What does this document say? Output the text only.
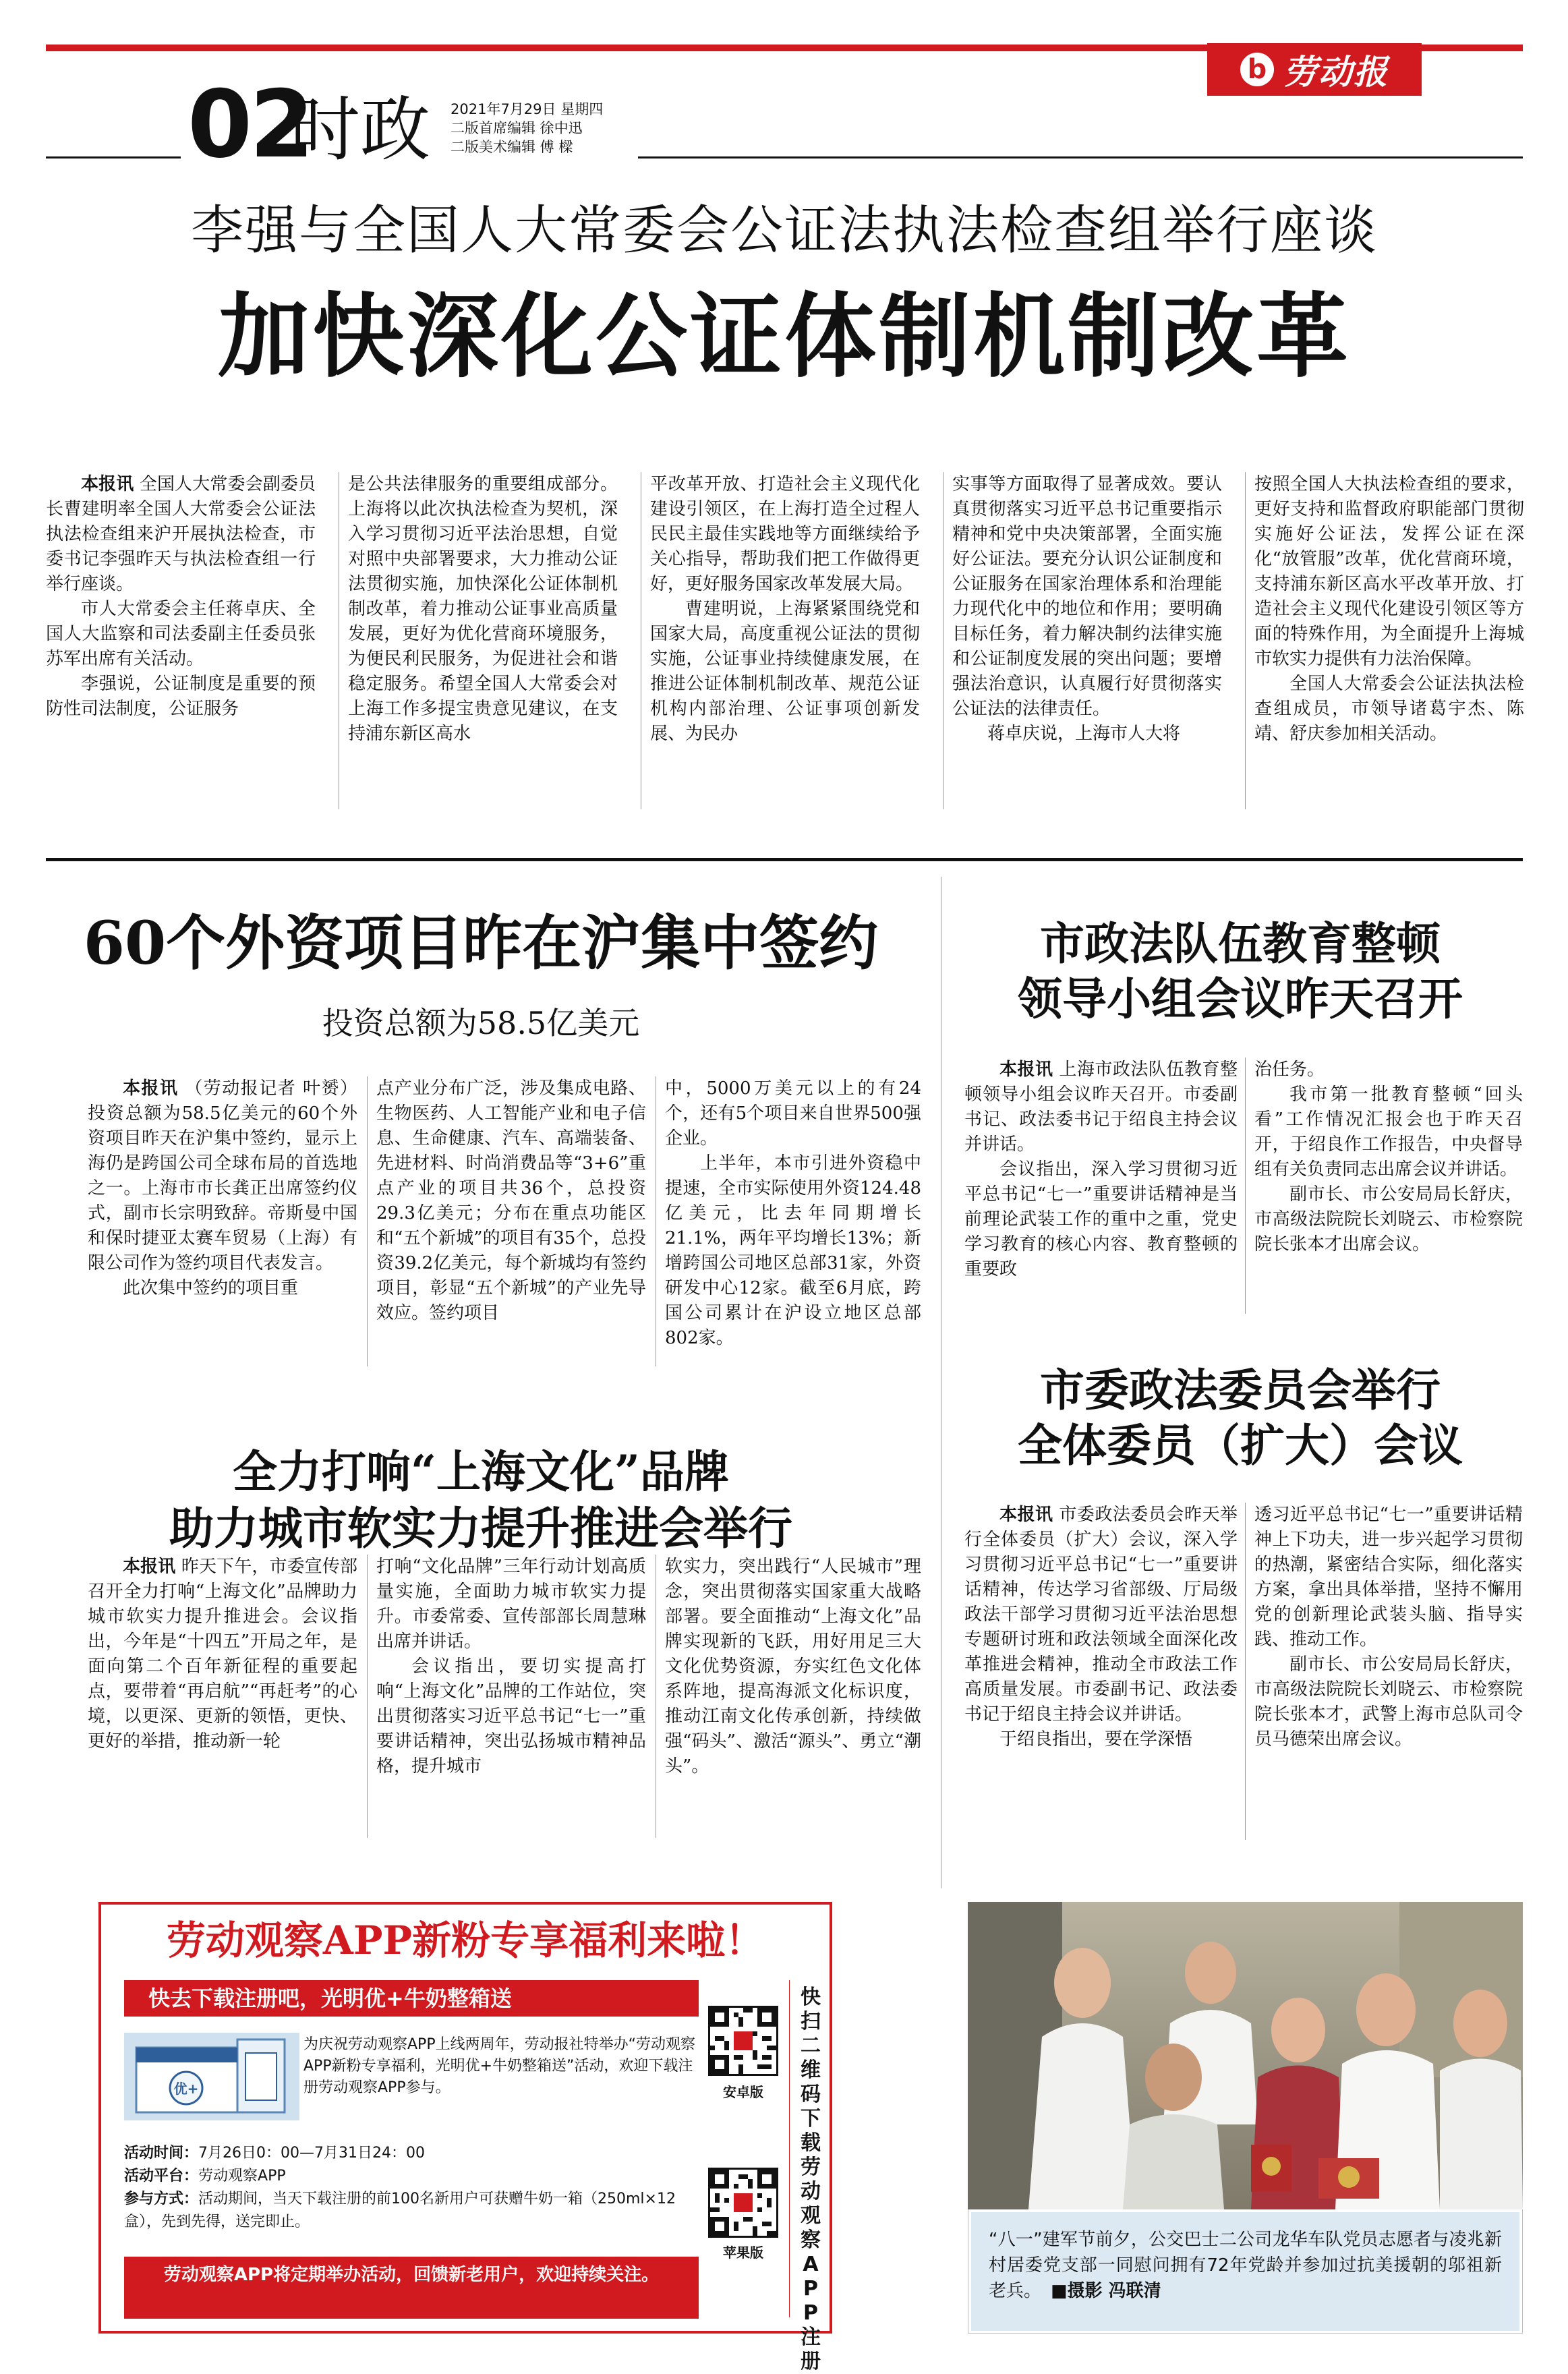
b 劳动报
02
时政 2021年7月29日 星期四
二版首席编辑 徐中迅
二版美术编辑 傅 樑
李强与全国人大常委会公证法执法检查组举行座谈
加快深化公证体制机制改革

本报讯 全国人大常委会副委员长曹建明率全国人大常委会公证法执法检查组来沪开展执法检查，市委书记李强昨天与执法检查组一行举行座谈。

市人大常委会主任蒋卓庆、全国人大监察和司法委副主任委员张苏军出席有关活动。

李强说，公证制度是重要的预防性司法制度，公证服务

是公共法律服务的重要组成部分。上海将以此次执法检查为契机，深入学习贯彻习近平法治思想，自觉对照中央部署要求，大力推动公证法贯彻实施，加快深化公证体制机制改革，着力推动公证事业高质量发展，更好为优化营商环境服务，为便民利民服务，为促进社会和谐稳定服务。希望全国人大常委会对上海工作多提宝贵意见建议，在支持浦东新区高水

平改革开放、打造社会主义现代化建设引领区，在上海打造全过程人民民主最佳实践地等方面继续给予关心指导，帮助我们把工作做得更好，更好服务国家改革发展大局。

曹建明说，上海紧紧围绕党和国家大局，高度重视公证法的贯彻实施，公证事业持续健康发展，在推进公证体制机制改革、规范公证机构内部治理、公证事项创新发展、为民办

实事等方面取得了显著成效。要认真贯彻落实习近平总书记重要指示精神和党中央决策部署，全面实施好公证法。要充分认识公证制度和公证服务在国家治理体系和治理能力现代化中的地位和作用；要明确目标任务，着力解决制约法律实施和公证制度发展的突出问题；要增强法治意识，认真履行好贯彻落实公证法的法律责任。

蒋卓庆说，上海市人大将

按照全国人大执法检查组的要求，更好支持和监督政府职能部门贯彻实施好公证法，发挥公证在深化“放管服”改革，优化营商环境，支持浦东新区高水平改革开放、打造社会主义现代化建设引领区等方面的特殊作用，为全面提升上海城市软实力提供有力法治保障。

全国人大常委会公证法执法检查组成员，市领导诸葛宇杰、陈靖、舒庆参加相关活动。

60个外资项目昨在沪集中签约
投资总额为58.5亿美元

本报讯 （劳动报记者 叶赟）投资总额为58.5亿美元的60个外资项目昨天在沪集中签约，显示上海仍是跨国公司全球布局的首选地之一。上海市市长龚正出席签约仪式，副市长宗明致辞。帝斯曼中国和保时捷亚太赛车贸易（上海）有限公司作为签约项目代表发言。

此次集中签约的项目重

点产业分布广泛，涉及集成电路、生物医药、人工智能产业和电子信息、生命健康、汽车、高端装备、先进材料、时尚消费品等“3+6”重点产业的项目共36个，总投资29.3亿美元；分布在重点功能区和“五个新城”的项目有35个，总投资39.2亿美元，每个新城均有签约项目，彰显“五个新城”的产业先导效应。签约项目

中，5000万美元以上的有24个，还有5个项目来自世界500强企业。

上半年，本市引进外资稳中提速，全市实际使用外资124.48亿美元，比去年同期增长21.1%，两年平均增长13%；新增跨国公司地区总部31家，外资研发中心12家。截至6月底，跨国公司累计在沪设立地区总部802家。

全力打响“上海文化”品牌
助力城市软实力提升推进会举行

本报讯 昨天下午，市委宣传部召开全力打响“上海文化”品牌助力城市软实力提升推进会。会议指出，今年是“十四五”开局之年，是面向第二个百年新征程的重要起点，要带着“再启航”“再赶考”的心境，以更深、更新的领悟，更快、更好的举措，推动新一轮

打响“文化品牌”三年行动计划高质量实施，全面助力城市软实力提升。市委常委、宣传部部长周慧琳出席并讲话。

会议指出，要切实提高打响“上海文化”品牌的工作站位，突出贯彻落实习近平总书记“七一”重要讲话精神，突出弘扬城市精神品格，提升城市

软实力，突出践行“人民城市”理念，突出贯彻落实国家重大战略部署。要全面推动“上海文化”品牌实现新的飞跃，用好用足三大文化优势资源，夯实红色文化体系阵地，提高海派文化标识度，推动江南文化传承创新，持续做强“码头”、激活“源头”、勇立“潮头”。

市政法队伍教育整顿
领导小组会议昨天召开

本报讯 上海市政法队伍教育整顿领导小组会议昨天召开。市委副书记、政法委书记于绍良主持会议并讲话。

会议指出，深入学习贯彻习近平总书记“七一”重要讲话精神是当前理论武装工作的重中之重，党史学习教育的核心内容、教育整顿的重要政

治任务。

我市第一批教育整顿“回头看”工作情况汇报会也于昨天召开，于绍良作工作报告，中央督导组有关负责同志出席会议并讲话。

副市长、市公安局局长舒庆，市高级法院院长刘晓云、市检察院院长张本才出席会议。

市委政法委员会举行
全体委员（扩大）会议

本报讯 市委政法委员会昨天举行全体委员（扩大）会议，深入学习贯彻习近平总书记“七一”重要讲话精神，传达学习省部级、厅局级政法干部学习贯彻习近平法治思想专题研讨班和政法领域全面深化改革推进会精神，推动全市政法工作高质量发展。市委副书记、政法委书记于绍良主持会议并讲话。

于绍良指出，要在学深悟

透习近平总书记“七一”重要讲话精神上下功夫，进一步兴起学习贯彻的热潮，紧密结合实际，细化落实方案，拿出具体举措，坚持不懈用党的创新理论武装头脑、指导实践、推动工作。

副市长、市公安局局长舒庆，市高级法院院长刘晓云、市检察院院长张本才，武警上海市总队司令员马德荣出席会议。

劳动观察APP新粉专享福利来啦！
快去下载注册吧，光明优+牛奶整箱送
优+
为庆祝劳动观察APP上线两周年，劳动报社特举办“劳动观察APP新粉专享福利，光明优+牛奶整箱送”活动，欢迎下载注册劳动观察APP参与。
活动时间：7月26日0：00—7月31日24：00
活动平台：劳动观察APP
参与方式：活动期间，当天下载注册的前100名新用户可获赠牛奶一箱（250ml×12盒），先到先得，送完即止。
劳动观察APP将定期举办活动，回馈新老用户，欢迎持续关注。
安卓版
苹果版
快扫二维码下载劳动观察APP注册
“八一”建军节前夕，公交巴士二公司龙华车队党员志愿者与凌兆新村居委党支部一同慰问拥有72年党龄并参加过抗美援朝的邬祖新老兵。 ■摄影 冯联清
